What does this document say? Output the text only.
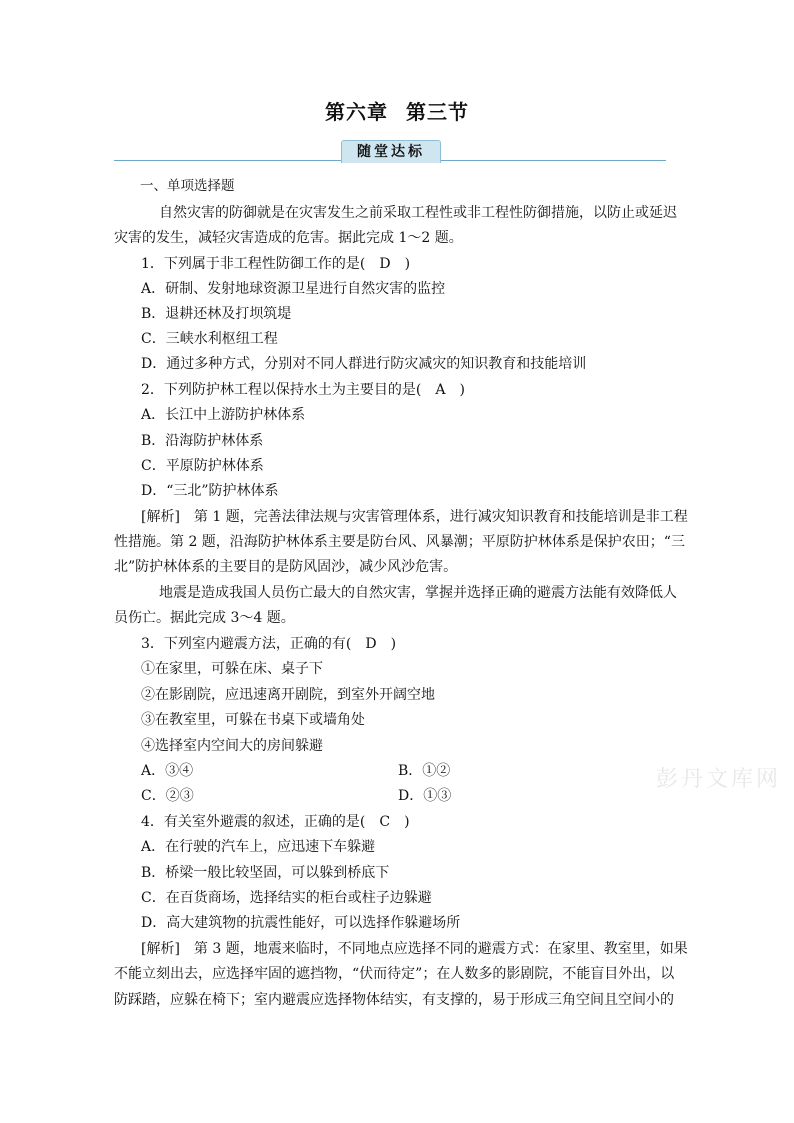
第六章 第三节
随堂达标
一、单项选择题
自然灾害的防御就是在灾害发生之前采取工程性或非工程性防御措施，以防止或延迟
灾害的发生，减轻灾害造成的危害。据此完成 1～2 题。
1．下列属于非工程性防御工作的是(　D　)
A．研制、发射地球资源卫星进行自然灾害的监控
B．退耕还林及打坝筑堤
C．三峡水利枢纽工程
D．通过多种方式，分别对不同人群进行防灾减灾的知识教育和技能培训
2．下列防护林工程以保持水土为主要目的是(　A　)
A．长江中上游防护林体系
B．沿海防护林体系
C．平原防护林体系
D．“三北”防护林体系
[解析]　第 1 题，完善法律法规与灾害管理体系，进行减灾知识教育和技能培训是非工程
性措施。第 2 题，沿海防护林体系主要是防台风、风暴潮；平原防护林体系是保护农田；“三
北”防护林体系的主要目的是防风固沙，减少风沙危害。
地震是造成我国人员伤亡最大的自然灾害，掌握并选择正确的避震方法能有效降低人
员伤亡。据此完成 3～4 题。
3．下列室内避震方法，正确的有(　D　)
①在家里，可躲在床、桌子下
②在影剧院，应迅速离开剧院，到室外开阔空地
③在教室里，可躲在书桌下或墙角处
④选择室内空间大的房间躲避
A．③④	B．①②
C．②③	D．①③
4．有关室外避震的叙述，正确的是(　C　)
A．在行驶的汽车上，应迅速下车躲避
B．桥梁一般比较坚固，可以躲到桥底下
C．在百货商场，选择结实的柜台或柱子边躲避
D．高大建筑物的抗震性能好，可以选择作躲避场所
[解析]　第 3 题，地震来临时，不同地点应选择不同的避震方式：在家里、教室里，如果
不能立刻出去，应选择牢固的遮挡物，“伏而待定”；在人数多的影剧院，不能盲目外出，以
防踩踏，应躲在椅下；室内避震应选择物体结实，有支撑的，易于形成三角空间且空间小的
彭丹文库网
